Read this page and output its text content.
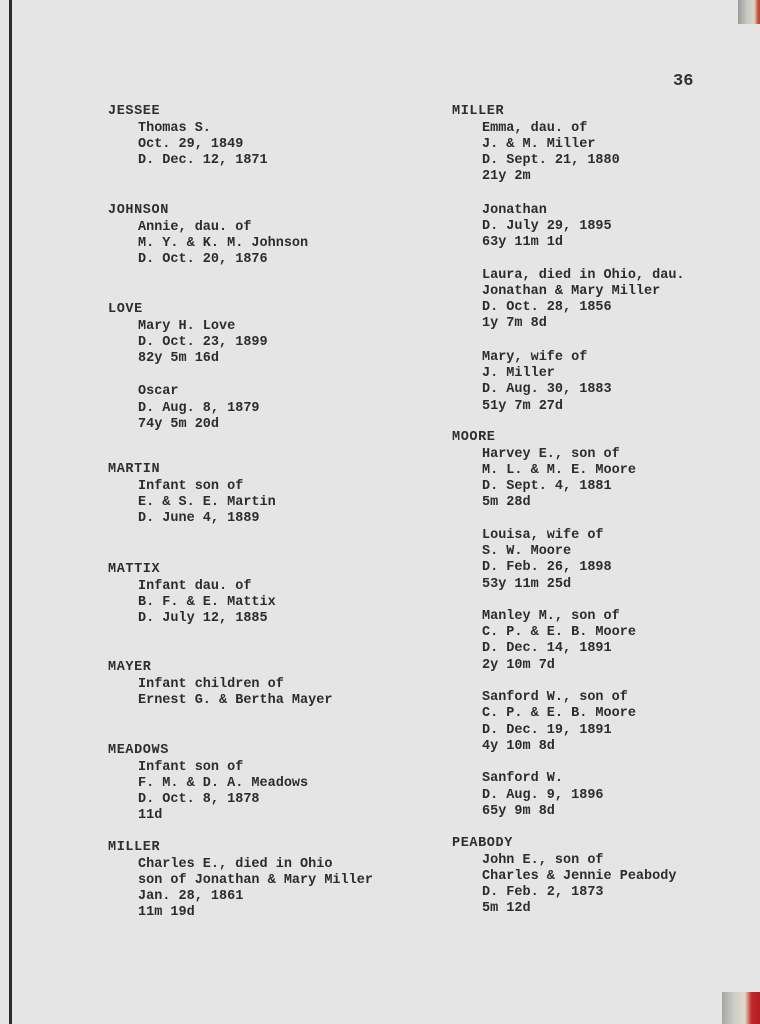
36
JESSEE
Thomas S.
Oct. 29, 1849
D. Dec. 12, 1871
JOHNSON
Annie, dau. of
M. Y. & K. M. Johnson
D. Oct. 20, 1876
LOVE
Mary H. Love
D. Oct. 23, 1899
82y 5m 16d
Oscar
D. Aug. 8, 1879
74y 5m 20d
MARTIN
Infant son of
E. & S. E. Martin
D. June 4, 1889
MATTIX
Infant dau. of
B. F. & E. Mattix
D. July 12, 1885
MAYER
Infant children of
Ernest G. & Bertha Mayer
MEADOWS
Infant son of
F. M. & D. A. Meadows
D. Oct. 8, 1878
11d
MILLER
Charles E., died in Ohio
son of Jonathan & Mary Miller
Jan. 28, 1861
11m 19d
MILLER
Emma, dau. of
J. & M. Miller
D. Sept. 21, 1880
21y 2m
Jonathan
D. July 29, 1895
63y 11m 1d
Laura, died in Ohio, dau.
Jonathan & Mary Miller
D. Oct. 28, 1856
1y 7m 8d
Mary, wife of
J. Miller
D. Aug. 30, 1883
51y 7m 27d
MOORE
Harvey E., son of
M. L. & M. E. Moore
D. Sept. 4, 1881
5m 28d
Louisa, wife of
S. W. Moore
D. Feb. 26, 1898
53y 11m 25d
Manley M., son of
C. P. & E. B. Moore
D. Dec. 14, 1891
2y 10m 7d
Sanford W., son of
C. P. & E. B. Moore
D. Dec. 19, 1891
4y 10m 8d
Sanford W.
D. Aug. 9, 1896
65y 9m 8d
PEABODY
John E., son of
Charles & Jennie Peabody
D. Feb. 2, 1873
5m 12d
